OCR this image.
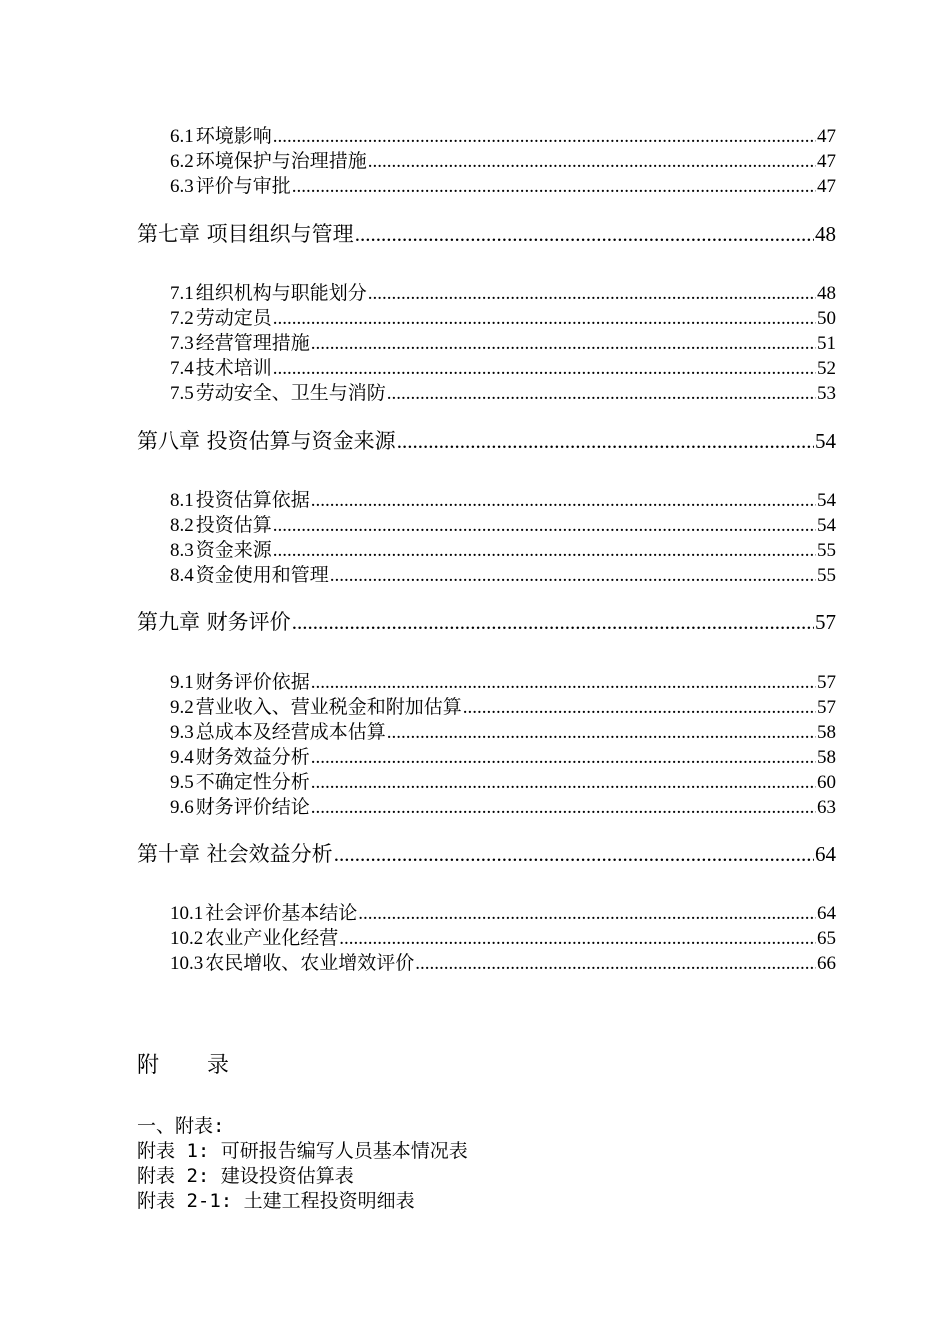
6.1 环境影响 .....	47
6.2 环境保护与治理措施 .....	47
6.3 评价与审批 .....	47
第七章 项目组织与管理 .....	48
7.1 组织机构与职能划分 .....	48
7.2 劳动定员 .....	50
7.3 经营管理措施 .....	51
7.4 技术培训 .....	52
7.5 劳动安全、卫生与消防 .....	53
第八章 投资估算与资金来源 .....	54
8.1 投资估算依据 .....	54
8.2 投资估算 .....	54
8.3 资金来源 .....	55
8.4 资金使用和管理 .....	55
第九章 财务评价 .....	57
9.1 财务评价依据 .....	57
9.2 营业收入、营业税金和附加估算 .....	57
9.3 总成本及经营成本估算 .....	58
9.4 财务效益分析 .....	58
9.5 不确定性分析 .....	60
9.6 财务评价结论 .....	63
第十章 社会效益分析 .....	64
10.1 社会评价基本结论 .....	64
10.2 农业产业化经营 .....	65
10.3 农民增收、农业增效评价 .....	66
附 录
一、附表:
附表 1: 可研报告编写人员基本情况表
附表 2: 建设投资估算表
附表 2-1: 土建工程投资明细表
